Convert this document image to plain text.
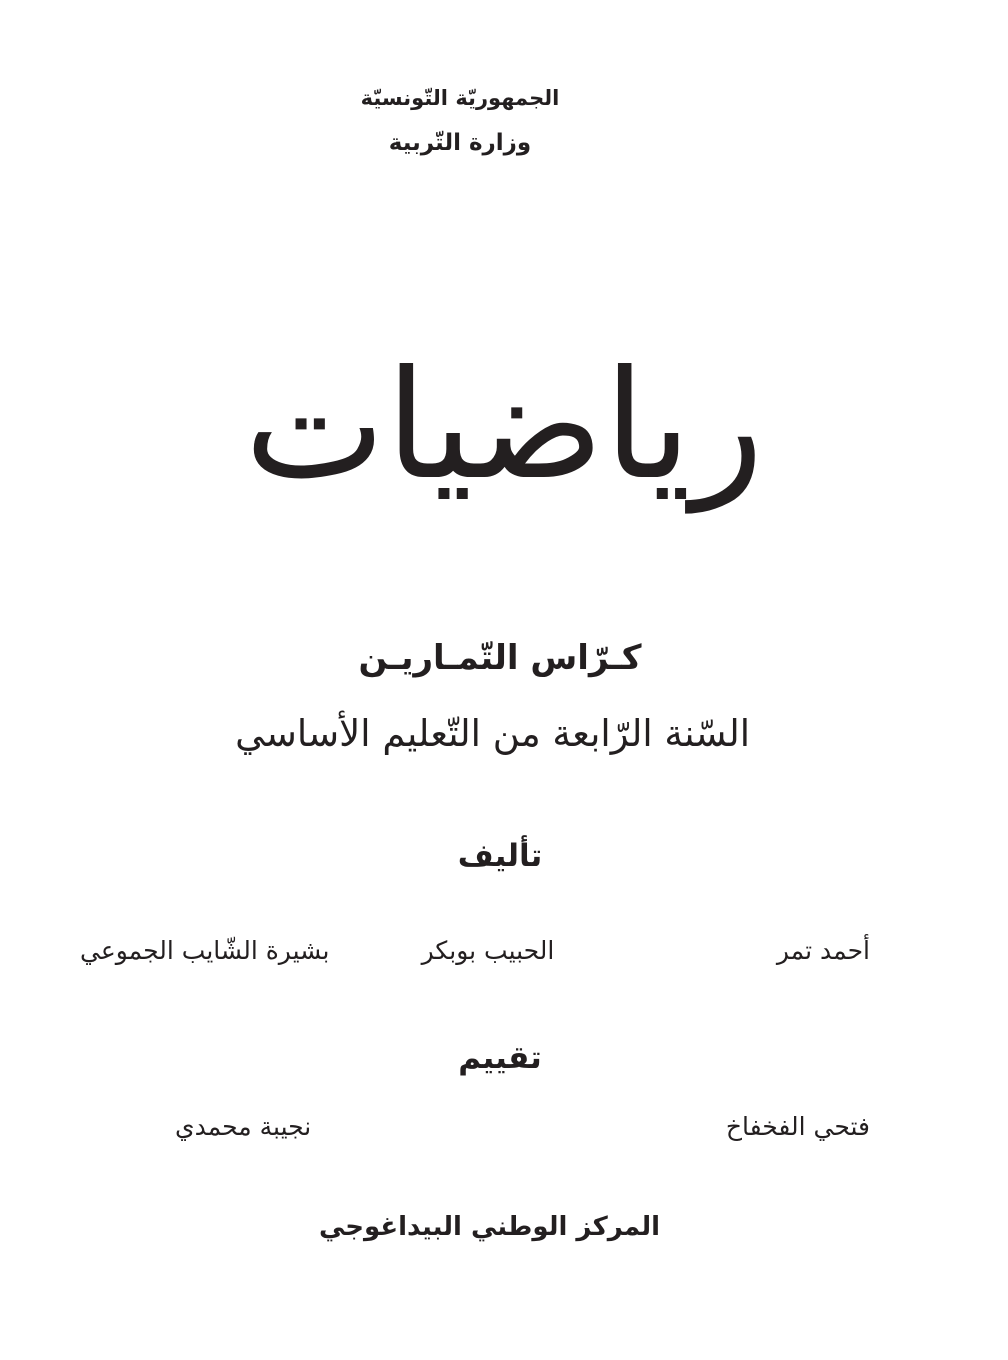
الجمهوريّة التّونسيّة
وزارة التّربية
رياضيات
كـرّاس التّمـاريـن
السّنة الرّابعة من التّعليم الأساسي
تأليف
أحمد تمر
الحبيب بوبكر
بشيرة الشّايب الجموعي
تقييم
فتحي الفخفاخ
نجيبة محمدي
المركز الوطني البيداغوجي
